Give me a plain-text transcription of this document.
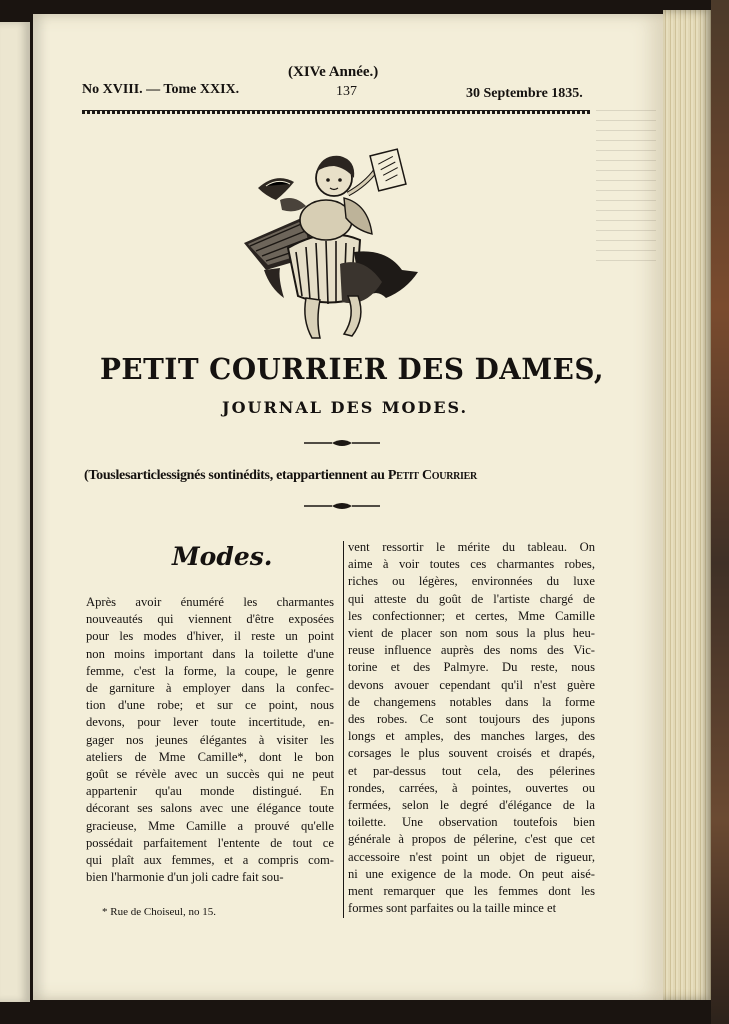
(XIVe Année.)
No XVIII. — Tome XXIX.	137	30 Septembre 1835.
PETIT COURRIER DES DAMES,
JOURNAL DES MODES.
(Touslesarticlessignés sontinédits, etappartiennent au Petit Courrier
Modes.
Après avoir énuméré les charmantes
nouveautés qui viennent d'être exposées
pour les modes d'hiver, il reste un point
non moins important dans la toilette d'une
femme, c'est la forme, la coupe, le genre
de garniture à employer dans la confec-
tion d'une robe; et sur ce point, nous
devons, pour lever toute incertitude, en-
gager nos jeunes élégantes à visiter les
ateliers de Mme Camille*, dont le bon
goût se révèle avec un succès qui ne peut
appartenir qu'au monde distingué. En
décorant ses salons avec une élégance toute
gracieuse, Mme Camille a prouvé qu'elle
possédait parfaitement l'entente de tout ce
qui plaît aux femmes, et a compris com-
bien l'harmonie d'un joli cadre fait sou-
vent ressortir le mérite du tableau. On
aime à voir toutes ces charmantes robes,
riches ou légères, environnées du luxe
qui atteste du goût de l'artiste chargé de
les confectionner; et certes, Mme Camille
vient de placer son nom sous la plus heu-
reuse influence auprès des noms des Vic-
torine et des Palmyre. Du reste, nous
devons avouer cependant qu'il n'est guère
de changemens notables dans la forme
des robes. Ce sont toujours des jupons
longs et amples, des manches larges, des
corsages le plus souvent croisés et drapés,
et par-dessus tout cela, des pélerines
rondes, carrées, à pointes, ouvertes ou
fermées, selon le degré d'élégance de la
toilette. Une observation toutefois bien
générale à propos de pélerine, c'est que cet
accessoire n'est point un objet de rigueur,
ni une exigence de la mode. On peut aisé-
ment remarquer que les femmes dont les
formes sont parfaites ou la taille mince et
* Rue de Choiseul, no 15.
